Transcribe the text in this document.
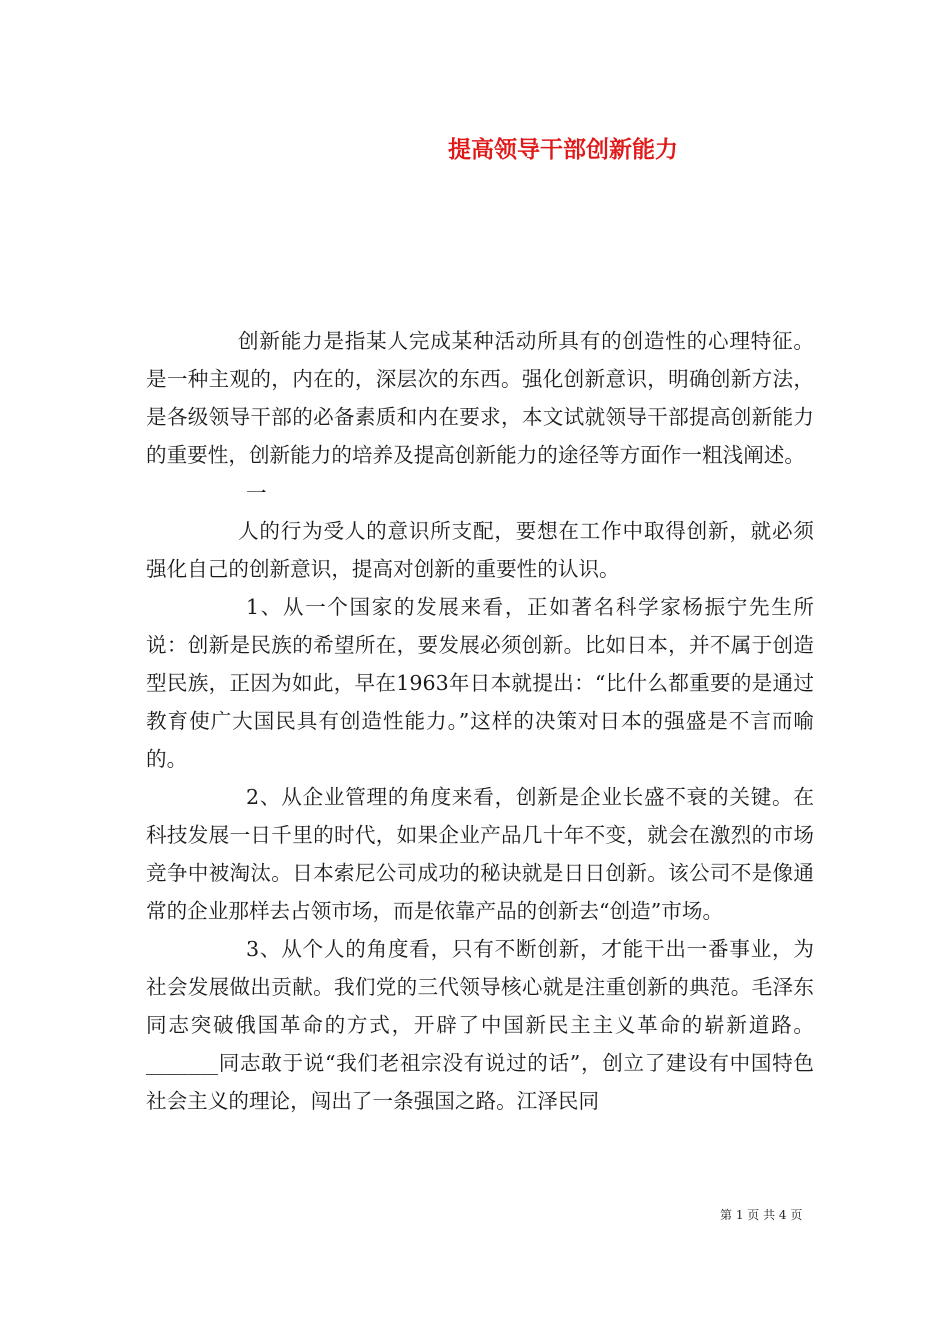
提高领导干部创新能力

创新能力是指某人完成某种活动所具有的创造性的心理特征。是一种主观的，内在的，深层次的东西。强化创新意识，明确创新方法，是各级领导干部的必备素质和内在要求，本文试就领导干部提高创新能力的重要性，创新能力的培养及提高创新能力的途径等方面作一粗浅阐述。

一

人的行为受人的意识所支配，要想在工作中取得创新，就必须强化自己的创新意识，提高对创新的重要性的认识。

1、从一个国家的发展来看，正如著名科学家杨振宁先生所说：创新是民族的希望所在，要发展必须创新。比如日本，并不属于创造型民族，正因为如此，早在1963年日本就提出：“比什么都重要的是通过教育使广大国民具有创造性能力。”这样的决策对日本的强盛是不言而喻的。

2、从企业管理的角度来看，创新是企业长盛不衰的关键。在科技发展一日千里的时代，如果企业产品几十年不变，就会在激烈的市场竞争中被淘汰。日本索尼公司成功的秘诀就是日日创新。该公司不是像通常的企业那样去占领市场，而是依靠产品的创新去“创造”市场。

3、从个人的角度看，只有不断创新，才能干出一番事业，为社会发展做出贡献。我们党的三代领导核心就是注重创新的典范。毛泽东同志突破俄国革命的方式，开辟了中国新民主主义革命的崭新道路。_______同志敢于说“我们老祖宗没有说过的话”，创立了建设有中国特色社会主义的理论，闯出了一条强国之路。江泽民同

第 1 页 共 4 页
